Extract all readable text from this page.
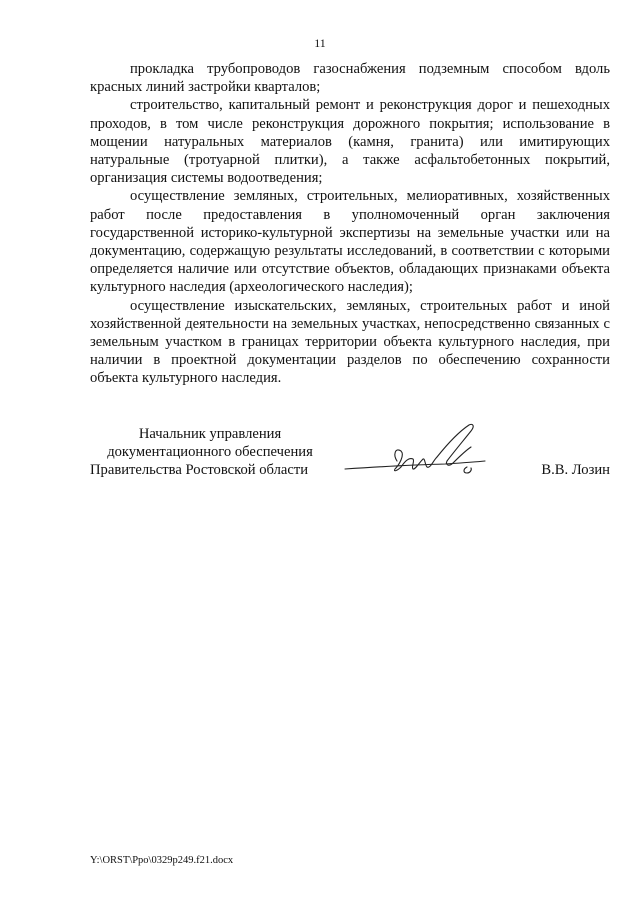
11

прокладка трубопроводов газоснабжения подземным способом вдоль красных линий застройки кварталов;

строительство, капитальный ремонт и реконструкция дорог и пешеходных проходов, в том числе реконструкция дорожного покрытия; использование в мощении натуральных материалов (камня, гранита) или имитирующих натуральные (тротуарной плитки), а также асфальтобетонных покрытий, организация системы водоотведения;

осуществление земляных, строительных, мелиоративных, хозяйственных работ после предоставления в уполномоченный орган заключения государственной историко-культурной экспертизы на земельные участки или на документацию, содержащую результаты исследований, в соответствии с которыми определяется наличие или отсутствие объектов, обладающих признаками объекта культурного наследия (археологического наследия);

осуществление изыскательских, земляных, строительных работ и иной хозяйственной деятельности на земельных участках, непосредственно связанных с земельным участком в границах территории объекта культурного наследия, при наличии в проектной документации разделов по обеспечению сохранности объекта культурного наследия.

Начальник управления
документационного обеспечения
Правительства Ростовской области	В.В. Лозин
Y:\ORST\Ppo\0329p249.f21.docx
